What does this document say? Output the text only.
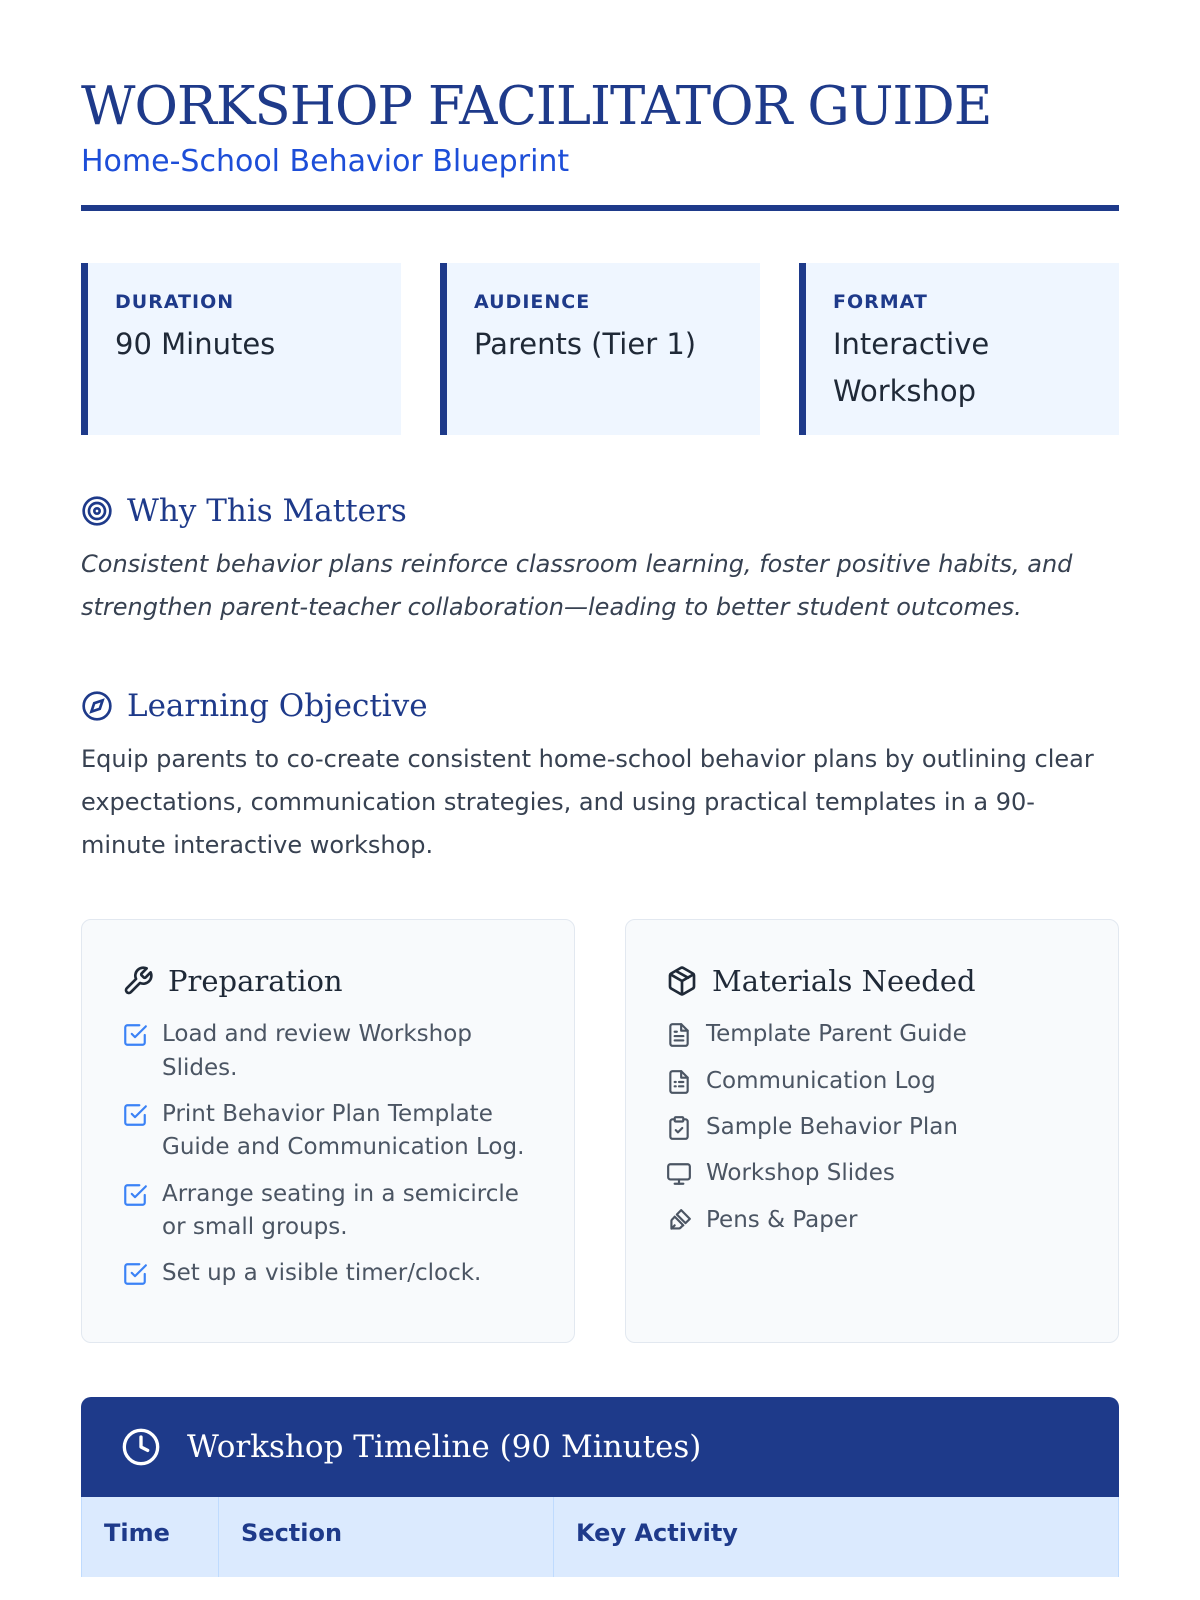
WORKSHOP FACILITATOR GUIDE
Home-School Behavior Blueprint
DURATION
90 Minutes
AUDIENCE
Parents (Tier 1)
FORMAT
Interactive Workshop
Why This Matters

Consistent behavior plans reinforce classroom learning, foster positive habits, and strengthen parent-teacher collaboration—leading to better student outcomes.

Learning Objective

Equip parents to co-create consistent home-school behavior plans by outlining clear expectations, communication strategies, and using practical templates in a 90-minute interactive workshop.

Preparation
Load and review Workshop Slides.
Print Behavior Plan Template Guide and Communication Log.
Arrange seating in a semicircle or small groups.
Set up a visible timer/clock.
Materials Needed
Template Parent Guide
Communication Log
Sample Behavior Plan
Workshop Slides
Pens & Paper
Workshop Timeline (90 Minutes)
Time	Section	Key Activity
